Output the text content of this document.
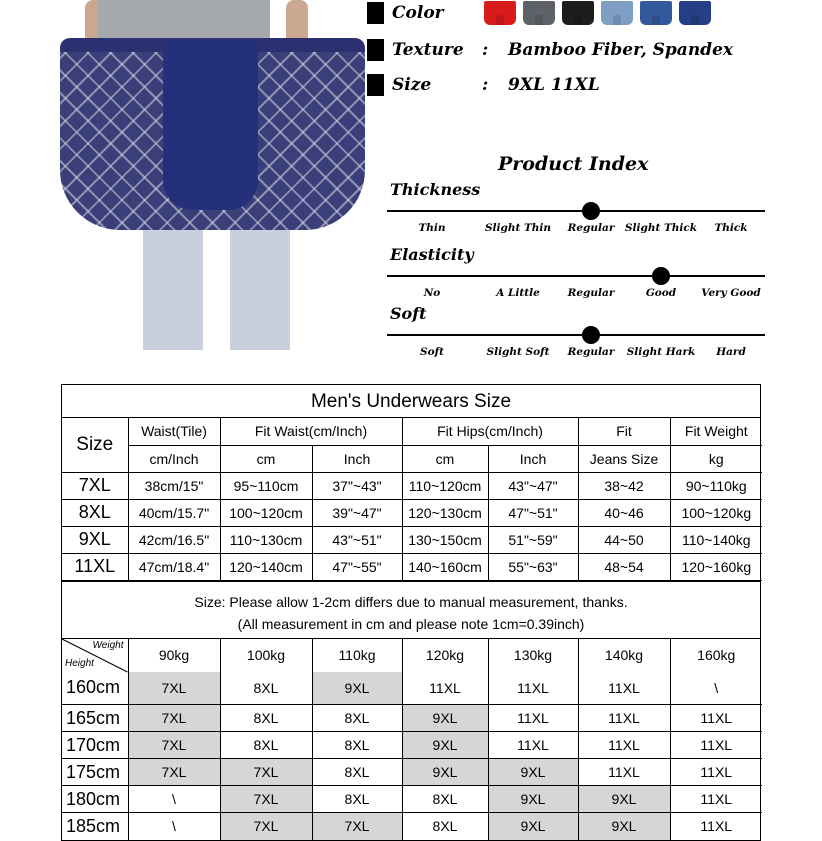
Color
Texture	:	Bamboo Fiber, Spandex
Size	:	9XL 11XL
Product Index
Thickness
Thin	Slight Thin	Regular	Slight Thick	Thick
Elasticity
No	A Little	Regular	Good	Very Good
Soft
Soft	Slight Soft	Regular	Slight Hark	Hard
Men's Underwears Size
Size	Waist(Tile)	Fit Waist(cm/Inch)		Fit Hips(cm/Inch)		Fit	Fit Weight
	cm/Inch	cm	Inch	cm	Inch	Jeans Size	kg
7XL	38cm/15"	95~110cm	37"~43"	110~120cm	43"~47"	38~42	90~110kg
8XL	40cm/15.7"	100~120cm	39"~47"	120~130cm	47"~51"	40~46	100~120kg
9XL	42cm/16.5"	110~130cm	43"~51"	130~150cm	51"~59"	44~50	110~140kg
11XL	47cm/18.4"	120~140cm	47"~55"	140~160cm	55"~63"	48~54	120~160kg
Size: Please allow 1-2cm differs due to manual measurement, thanks.
(All measurement in cm and please note 1cm=0.39inch)
Weight
Height	90kg	100kg	110kg	120kg	130kg	140kg	160kg
160cm	7XL	8XL	9XL	11XL	11XL	11XL	\
165cm	7XL	8XL	8XL	9XL	11XL	11XL	11XL
170cm	7XL	8XL	8XL	9XL	11XL	11XL	11XL
175cm	7XL	7XL	8XL	9XL	9XL	11XL	11XL
180cm	\	7XL	8XL	8XL	9XL	9XL	11XL
185cm	\	7XL	7XL	8XL	9XL	9XL	11XL
